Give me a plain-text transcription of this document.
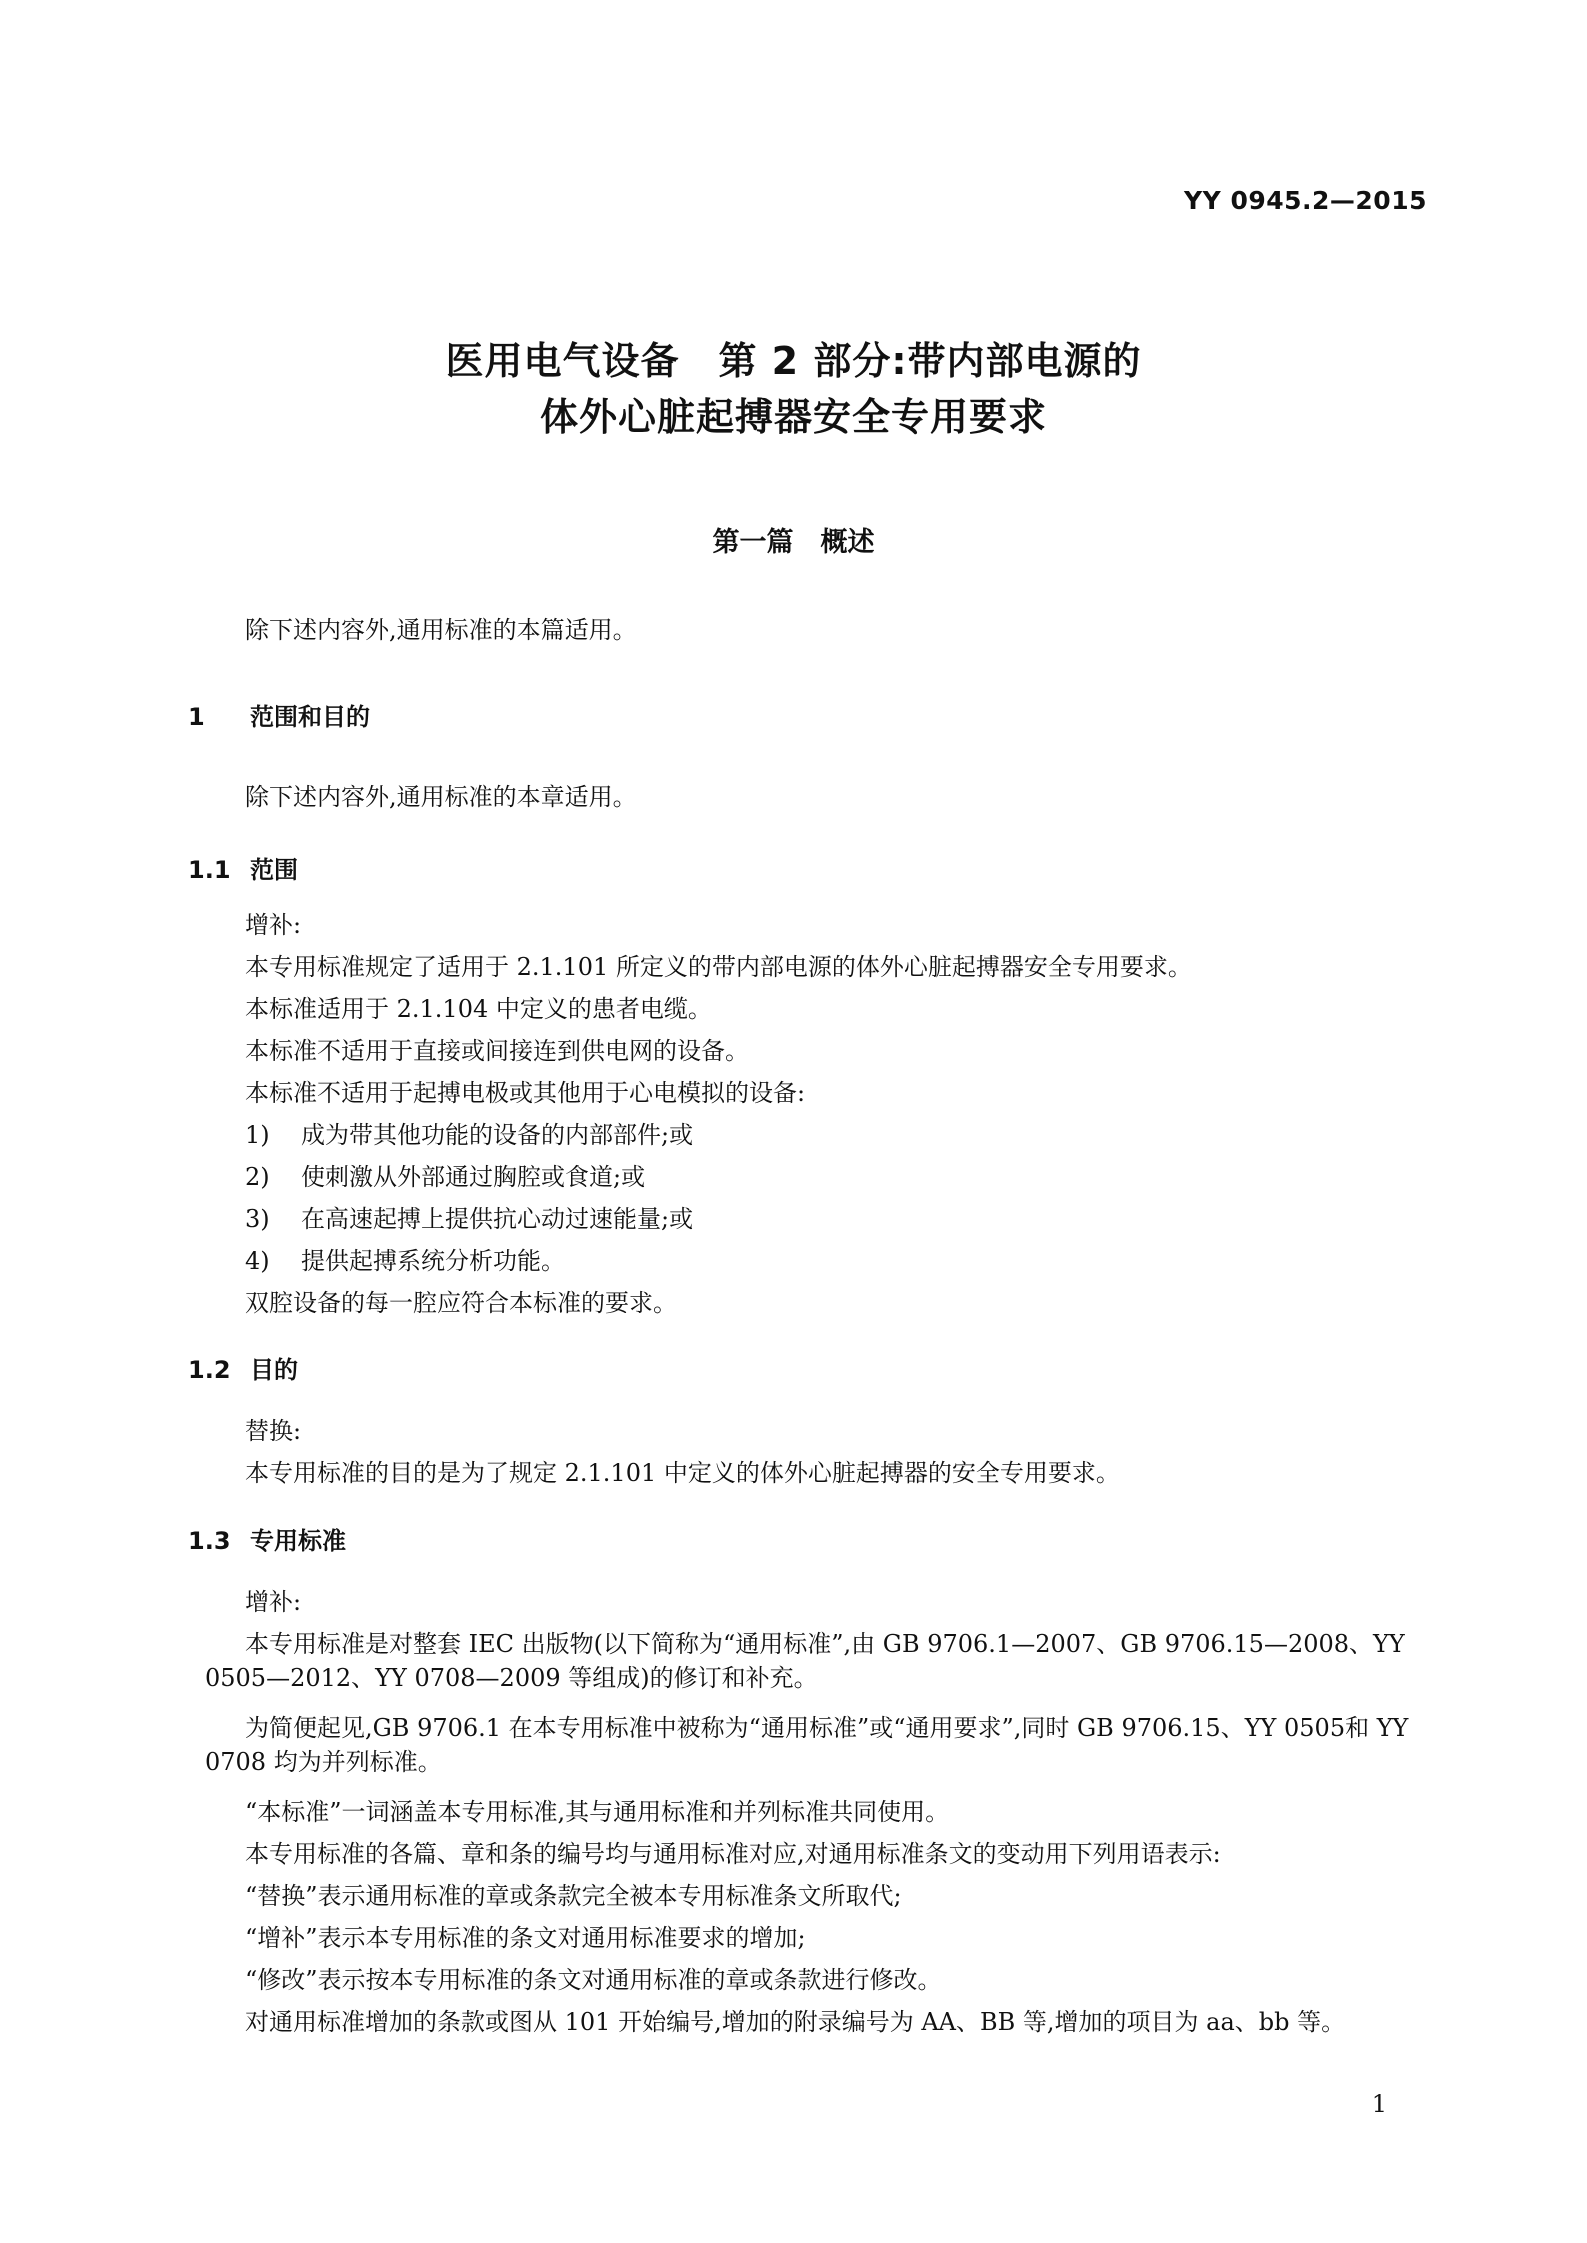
YY 0945.2—2015
医用电气设备　第 2 部分:带内部电源的
体外心脏起搏器安全专用要求
第一篇　概述
除下述内容外,通用标准的本篇适用。
1 范围和目的
除下述内容外,通用标准的本章适用。
1.1 范围
增补:
本专用标准规定了适用于 2.1.101 所定义的带内部电源的体外心脏起搏器安全专用要求。
本标准适用于 2.1.104 中定义的患者电缆。
本标准不适用于直接或间接连到供电网的设备。
本标准不适用于起搏电极或其他用于心电模拟的设备:
1) 成为带其他功能的设备的内部部件;或
2) 使刺激从外部通过胸腔或食道;或
3) 在高速起搏上提供抗心动过速能量;或
4) 提供起搏系统分析功能。
双腔设备的每一腔应符合本标准的要求。
1.2 目的
替换:
本专用标准的目的是为了规定 2.1.101 中定义的体外心脏起搏器的安全专用要求。
1.3 专用标准
增补:
本专用标准是对整套 IEC 出版物(以下简称为“通用标准”,由 GB 9706.1—2007、GB 9706.15—2008、YY 0505—2012、YY 0708—2009 等组成)的修订和补充。
为简便起见,GB 9706.1 在本专用标准中被称为“通用标准”或“通用要求”,同时 GB 9706.15、YY 0505和 YY 0708 均为并列标准。
“本标准”一词涵盖本专用标准,其与通用标准和并列标准共同使用。
本专用标准的各篇、章和条的编号均与通用标准对应,对通用标准条文的变动用下列用语表示:
“替换”表示通用标准的章或条款完全被本专用标准条文所取代;
“增补”表示本专用标准的条文对通用标准要求的增加;
“修改”表示按本专用标准的条文对通用标准的章或条款进行修改。
对通用标准增加的条款或图从 101 开始编号,增加的附录编号为 AA、BB 等,增加的项目为 aa、bb 等。
1
